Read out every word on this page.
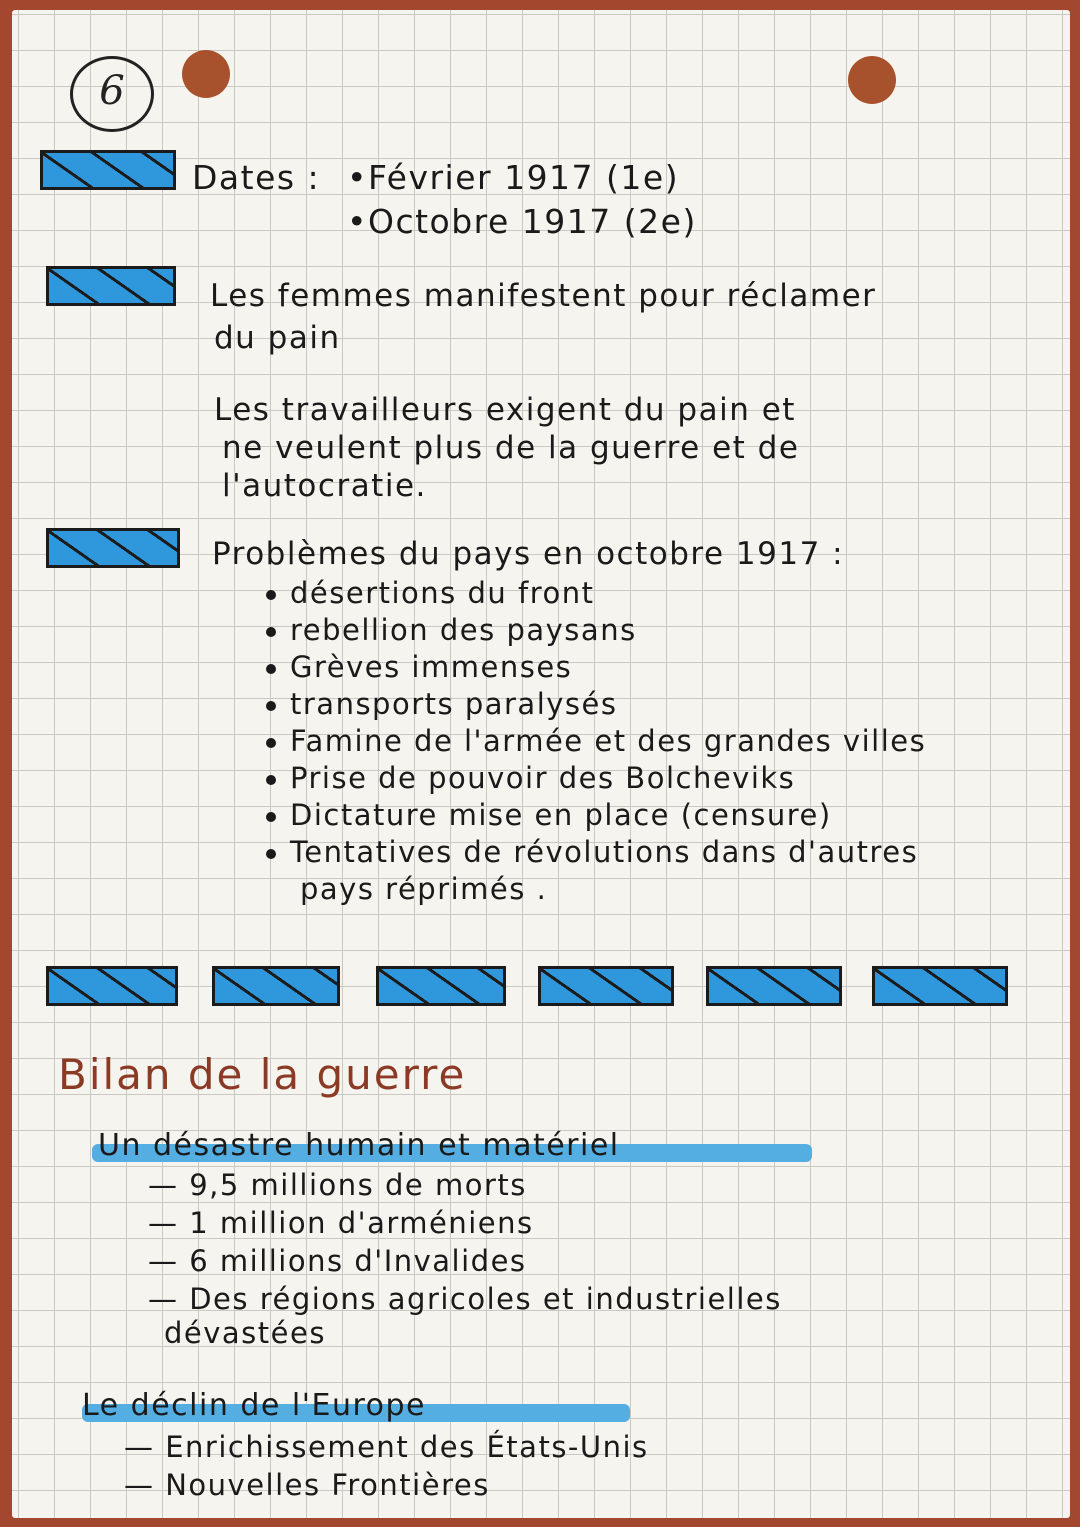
6
Dates : •Février 1917 (1e)
•Octobre 1917 (2e)
Les femmes manifestent pour réclamer
du pain
Les travailleurs exigent du pain et
ne veulent plus de la guerre et de
l'autocratie.
Problèmes du pays en octobre 1917 :
désertions du front
rebellion des paysans
Grèves immenses
transports paralysés
Famine de l'armée et des grandes villes
Prise de pouvoir des Bolcheviks
Dictature mise en place (censure)
Tentatives de révolutions dans d'autres
pays réprimés .
Bilan de la guerre
Un désastre humain et matériel
— 9,5 millions de morts
— 1 million d'arméniens
— 6 millions d'Invalides
— Des régions agricoles et industrielles
dévastées
Le déclin de l'Europe
— Enrichissement des États-Unis
— Nouvelles Frontières
